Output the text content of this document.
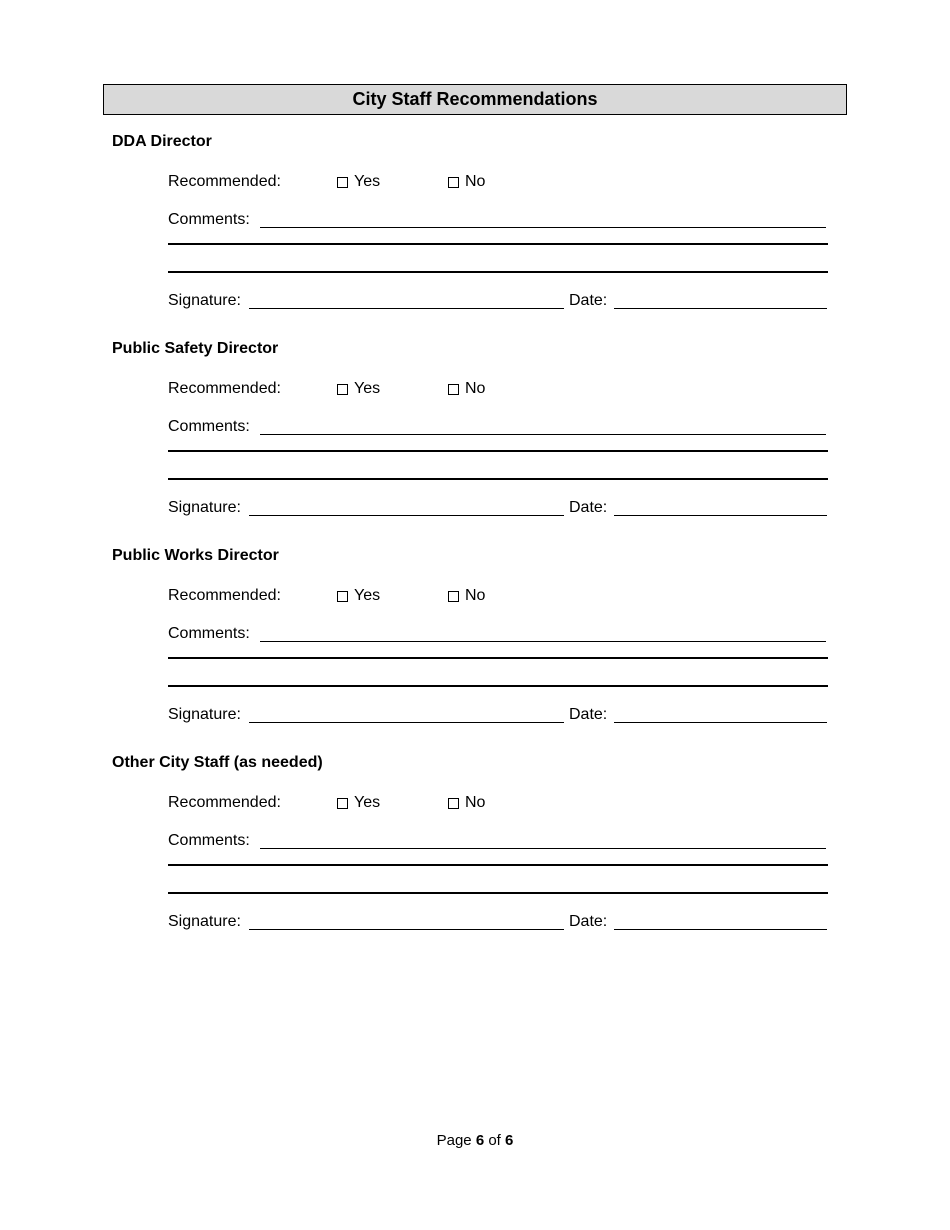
City Staff Recommendations
DDA Director
Recommended:	Yes	No
Comments:
Signature:	Date:
Public Safety Director
Recommended:	Yes	No
Comments:
Signature:	Date:
Public Works Director
Recommended:	Yes	No
Comments:
Signature:	Date:
Other City Staff (as needed)
Recommended:	Yes	No
Comments:
Signature:	Date:
Page 6 of 6
